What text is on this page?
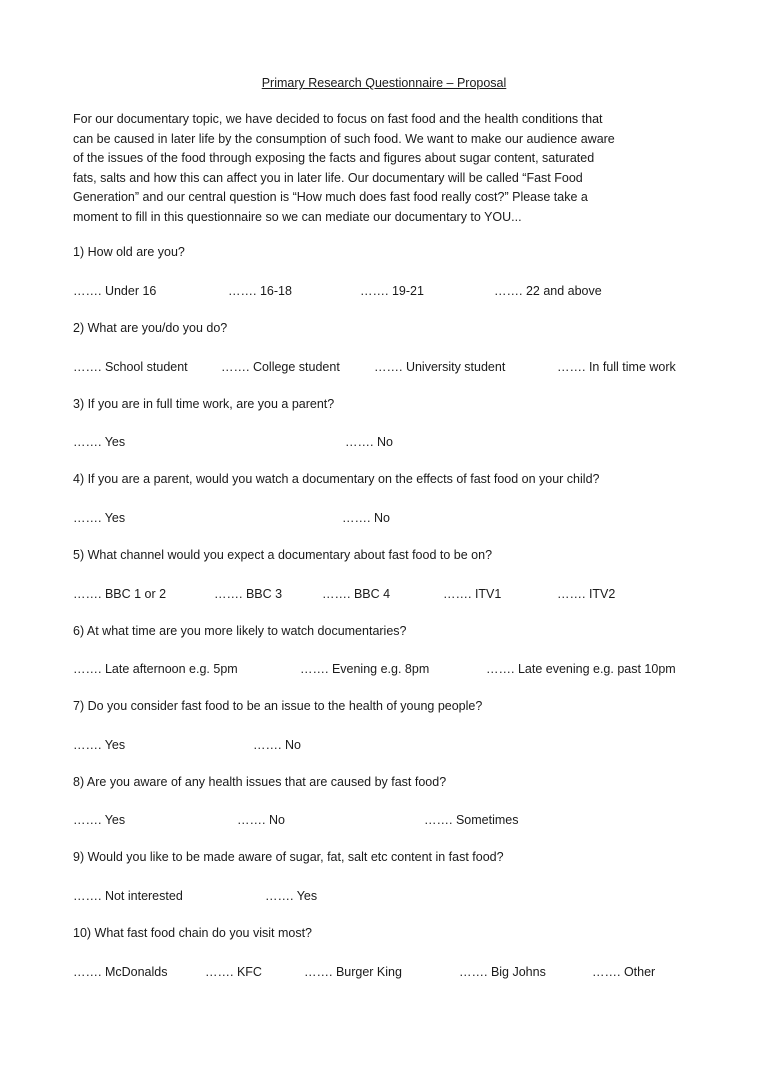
Primary Research Questionnaire – Proposal
For our documentary topic, we have decided to focus on fast food and the health conditions that
can be caused in later life by the consumption of such food. We want to make our audience aware
of the issues of the food through exposing the facts and figures about sugar content, saturated
fats, salts and how this can affect you in later life. Our documentary will be called “Fast Food
Generation” and our central question is “How much does fast food really cost?” Please take a
moment to fill in this questionnaire so we can mediate our documentary to YOU...
1) How old are you?
……. Under 16	……. 16-18	……. 19-21	……. 22 and above
2) What are you/do you do?
……. School student	……. College student	……. University student	……. In full time work
3) If you are in full time work, are you a parent?
……. Yes	……. No
4) If you are a parent, would you watch a documentary on the effects of fast food on your child?
……. Yes	……. No
5) What channel would you expect a documentary about fast food to be on?
……. BBC 1 or 2	……. BBC 3	……. BBC 4	……. ITV1	……. ITV2
6) At what time are you more likely to watch documentaries?
……. Late afternoon e.g. 5pm	……. Evening e.g. 8pm	……. Late evening e.g. past 10pm
7) Do you consider fast food to be an issue to the health of young people?
……. Yes	……. No
8) Are you aware of any health issues that are caused by fast food?
……. Yes	……. No	……. Sometimes
9) Would you like to be made aware of sugar, fat, salt etc content in fast food?
……. Not interested	……. Yes
10) What fast food chain do you visit most?
……. McDonalds	……. KFC	……. Burger King	……. Big Johns	……. Other
